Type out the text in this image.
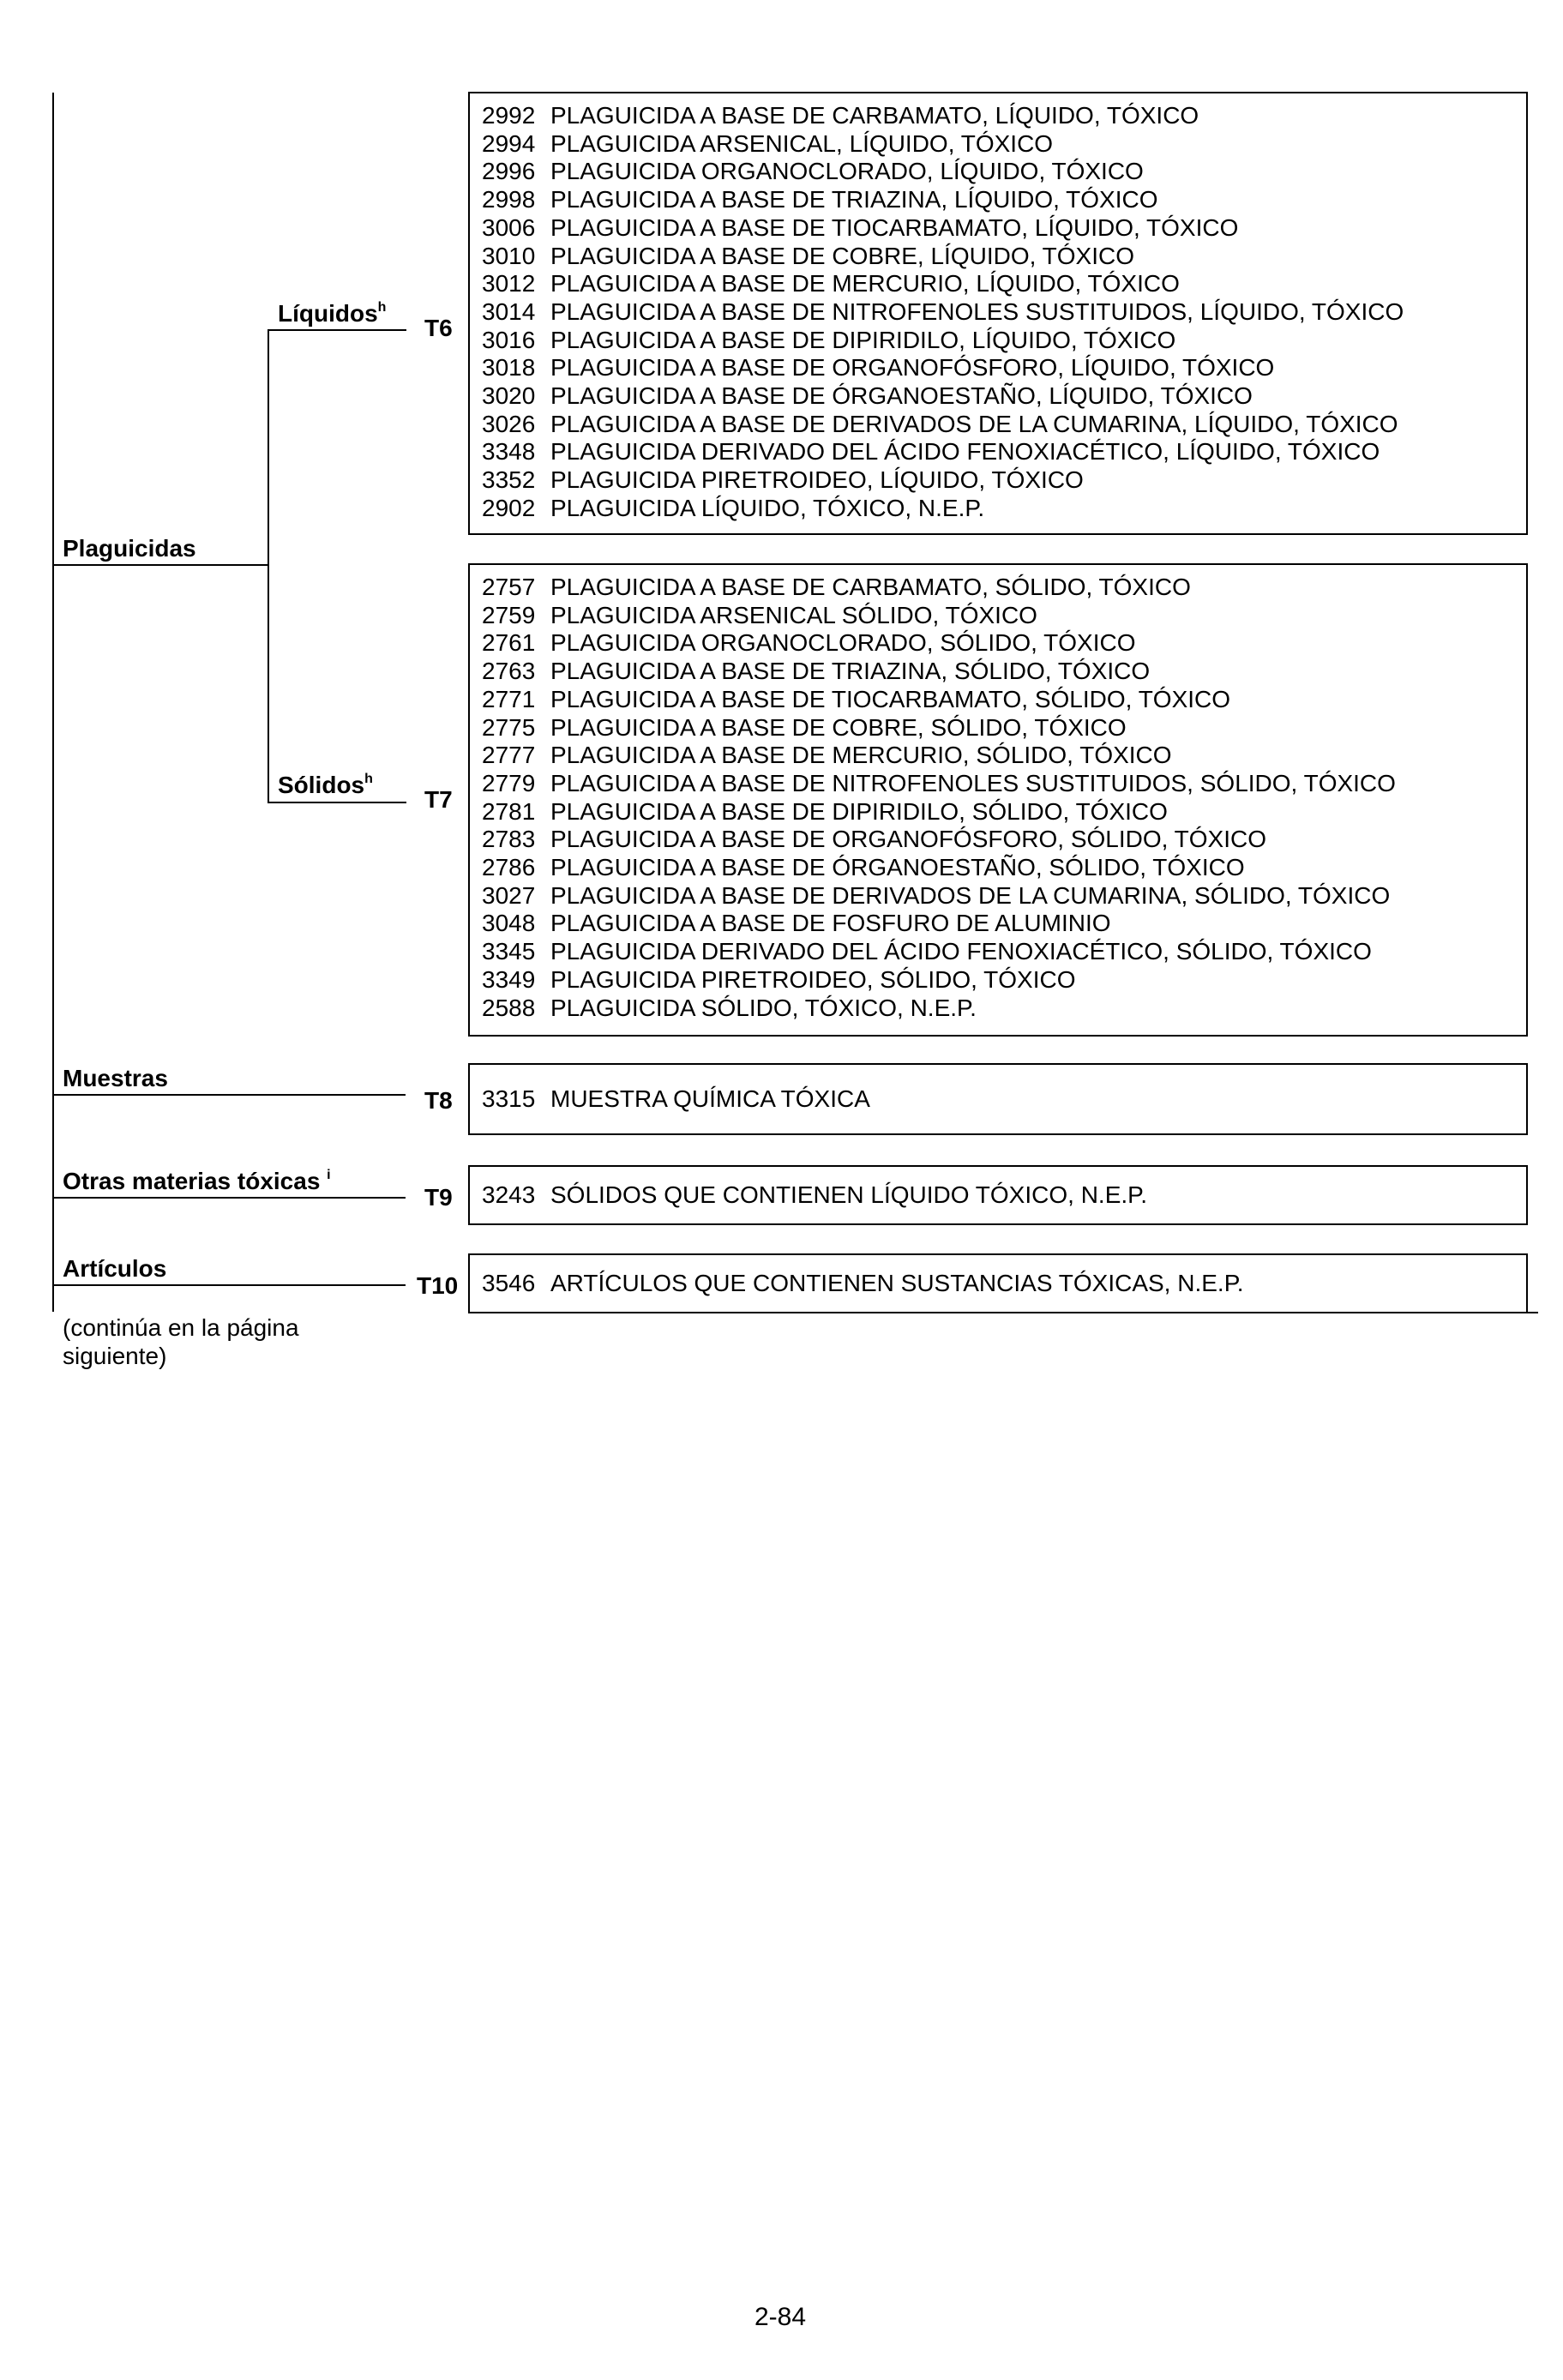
Plaguicidas
Líquidos$^h$
Sólidos$^h$
Muestras
Otras materias tóxicas $^i$
Artículos
T6
T7
T8
T9
T10
2992 PLAGUICIDA A BASE DE CARBAMATO, LÍQUIDO, TÓXICO
2994 PLAGUICIDA ARSENICAL, LÍQUIDO, TÓXICO
2996 PLAGUICIDA ORGANOCLORADO, LÍQUIDO, TÓXICO
2998 PLAGUICIDA A BASE DE TRIAZINA, LÍQUIDO, TÓXICO
3006 PLAGUICIDA A BASE DE TIOCARBAMATO, LÍQUIDO, TÓXICO
3010 PLAGUICIDA A BASE DE COBRE, LÍQUIDO, TÓXICO
3012 PLAGUICIDA A BASE DE MERCURIO, LÍQUIDO, TÓXICO
3014 PLAGUICIDA A BASE DE NITROFENOLES SUSTITUIDOS, LÍQUIDO, TÓXICO
3016 PLAGUICIDA A BASE DE DIPIRIDILO, LÍQUIDO, TÓXICO
3018 PLAGUICIDA A BASE DE ORGANOFÓSFORO, LÍQUIDO, TÓXICO
3020 PLAGUICIDA A BASE DE ÓRGANOESTAÑO, LÍQUIDO, TÓXICO
3026 PLAGUICIDA A BASE DE DERIVADOS DE LA CUMARINA, LÍQUIDO, TÓXICO
3348 PLAGUICIDA DERIVADO DEL ÁCIDO FENOXIACÉTICO, LÍQUIDO, TÓXICO
3352 PLAGUICIDA PIRETROIDEO, LÍQUIDO, TÓXICO
2902 PLAGUICIDA LÍQUIDO, TÓXICO, N.E.P.
2757 PLAGUICIDA A BASE DE CARBAMATO, SÓLIDO, TÓXICO
2759 PLAGUICIDA ARSENICAL SÓLIDO, TÓXICO
2761 PLAGUICIDA ORGANOCLORADO, SÓLIDO, TÓXICO
2763 PLAGUICIDA A BASE DE TRIAZINA, SÓLIDO, TÓXICO
2771 PLAGUICIDA A BASE DE TIOCARBAMATO, SÓLIDO, TÓXICO
2775 PLAGUICIDA A BASE DE COBRE, SÓLIDO, TÓXICO
2777 PLAGUICIDA A BASE DE MERCURIO, SÓLIDO, TÓXICO
2779 PLAGUICIDA A BASE DE NITROFENOLES SUSTITUIDOS, SÓLIDO, TÓXICO
2781 PLAGUICIDA A BASE DE DIPIRIDILO, SÓLIDO, TÓXICO
2783 PLAGUICIDA A BASE DE ORGANOFÓSFORO, SÓLIDO, TÓXICO
2786 PLAGUICIDA A BASE DE ÓRGANOESTAÑO, SÓLIDO, TÓXICO
3027 PLAGUICIDA A BASE DE DERIVADOS DE LA CUMARINA, SÓLIDO, TÓXICO
3048 PLAGUICIDA A BASE DE FOSFURO DE ALUMINIO
3345 PLAGUICIDA DERIVADO DEL ÁCIDO FENOXIACÉTICO, SÓLIDO, TÓXICO
3349 PLAGUICIDA PIRETROIDEO, SÓLIDO, TÓXICO
2588 PLAGUICIDA SÓLIDO, TÓXICO, N.E.P.
3315 MUESTRA QUÍMICA TÓXICA
3243 SÓLIDOS QUE CONTIENEN LÍQUIDO TÓXICO, N.E.P.
3546 ARTÍCULOS QUE CONTIENEN SUSTANCIAS TÓXICAS, N.E.P.
(continúa en la página siguiente)
2-84
